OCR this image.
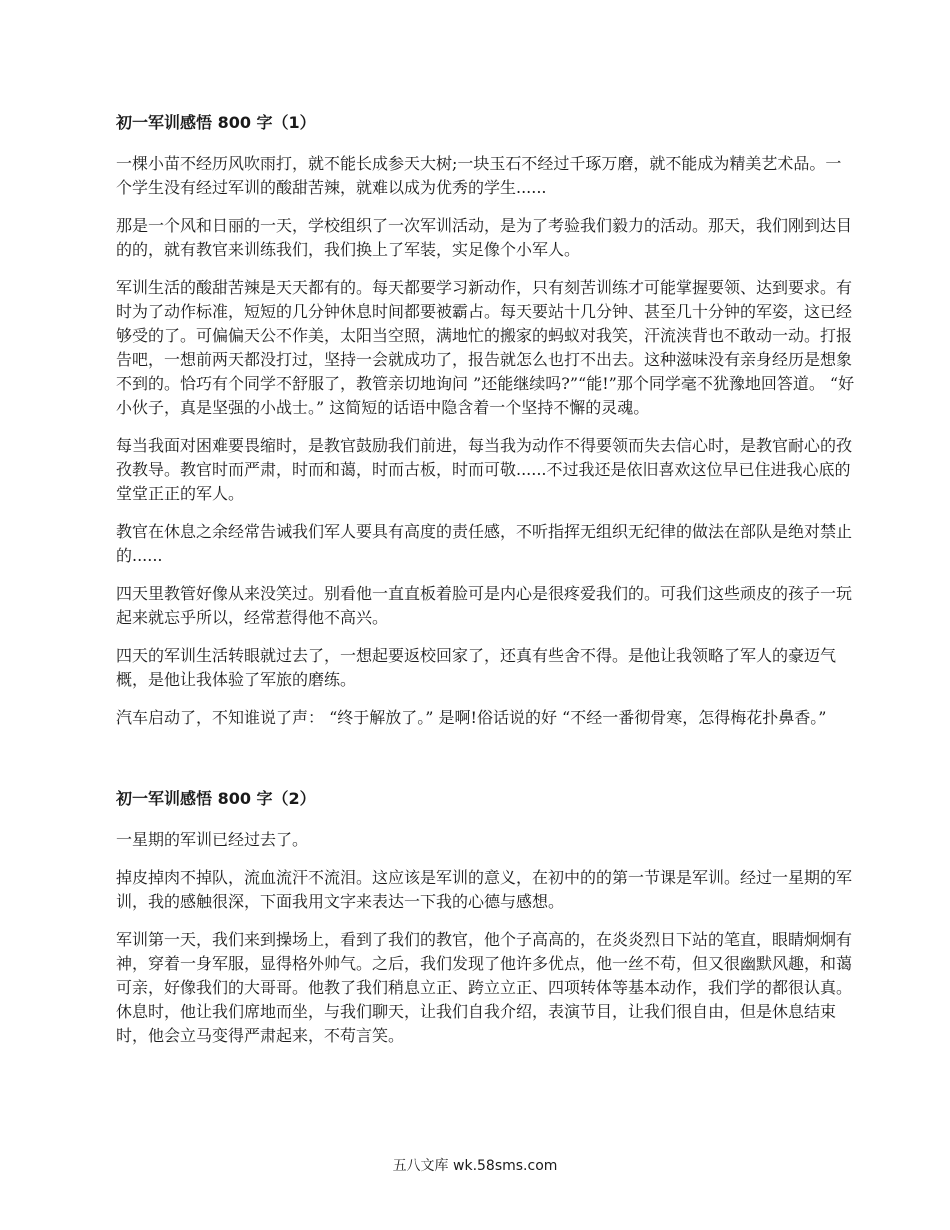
初一军训感悟 800 字（1）

一棵小苗不经历风吹雨打，就不能长成参天大树;一块玉石不经过千琢万磨，就不能成为精美艺术品。一个学生没有经过军训的酸甜苦辣，就难以成为优秀的学生......

那是一个风和日丽的一天，学校组织了一次军训活动，是为了考验我们毅力的活动。那天，我们刚到达目的的，就有教官来训练我们，我们换上了军装，实足像个小军人。

军训生活的酸甜苦辣是天天都有的。每天都要学习新动作，只有刻苦训练才可能掌握要领、达到要求。有时为了动作标准，短短的几分钟休息时间都要被霸占。每天要站十几分钟、甚至几十分钟的军姿，这已经够受的了。可偏偏天公不作美，太阳当空照，满地忙的搬家的蚂蚁对我笑，汗流浃背也不敢动一动。打报告吧，一想前两天都没打过，坚持一会就成功了，报告就怎么也打不出去。这种滋味没有亲身经历是想象不到的。恰巧有个同学不舒服了，教管亲切地询问 ”还能继续吗?”“能!”那个同学毫不犹豫地回答道。 “好小伙子，真是坚强的小战士。” 这简短的话语中隐含着一个坚持不懈的灵魂。

每当我面对困难要畏缩时，是教官鼓励我们前进，每当我为动作不得要领而失去信心时，是教官耐心的孜孜教导。教官时而严肃，时而和蔼，时而古板，时而可敬......不过我还是依旧喜欢这位早已住进我心底的堂堂正正的军人。

教官在休息之余经常告诫我们军人要具有高度的责任感，不听指挥无组织无纪律的做法在部队是绝对禁止的......

四天里教管好像从来没笑过。别看他一直直板着脸可是内心是很疼爱我们的。可我们这些顽皮的孩子一玩起来就忘乎所以，经常惹得他不高兴。

四天的军训生活转眼就过去了，一想起要返校回家了，还真有些舍不得。是他让我领略了军人的豪迈气概，是他让我体验了军旅的磨练。

汽车启动了，不知谁说了声： “终于解放了。” 是啊!俗话说的好 “不经一番彻骨寒，怎得梅花扑鼻香。”

初一军训感悟 800 字（2）

一星期的军训已经过去了。

掉皮掉肉不掉队，流血流汗不流泪。这应该是军训的意义，在初中的的第一节课是军训。经过一星期的军训，我的感触很深，下面我用文字来表达一下我的心德与感想。

军训第一天，我们来到操场上，看到了我们的教官，他个子高高的，在炎炎烈日下站的笔直，眼睛炯炯有神，穿着一身军服，显得格外帅气。之后，我们发现了他许多优点，他一丝不苟，但又很幽默风趣，和蔼可亲，好像我们的大哥哥。他教了我们稍息立正、跨立立正、四项转体等基本动作，我们学的都很认真。休息时，他让我们席地而坐，与我们聊天，让我们自我介绍，表演节目，让我们很自由，但是休息结束时，他会立马变得严肃起来，不苟言笑。

五八文库 wk.58sms.com
